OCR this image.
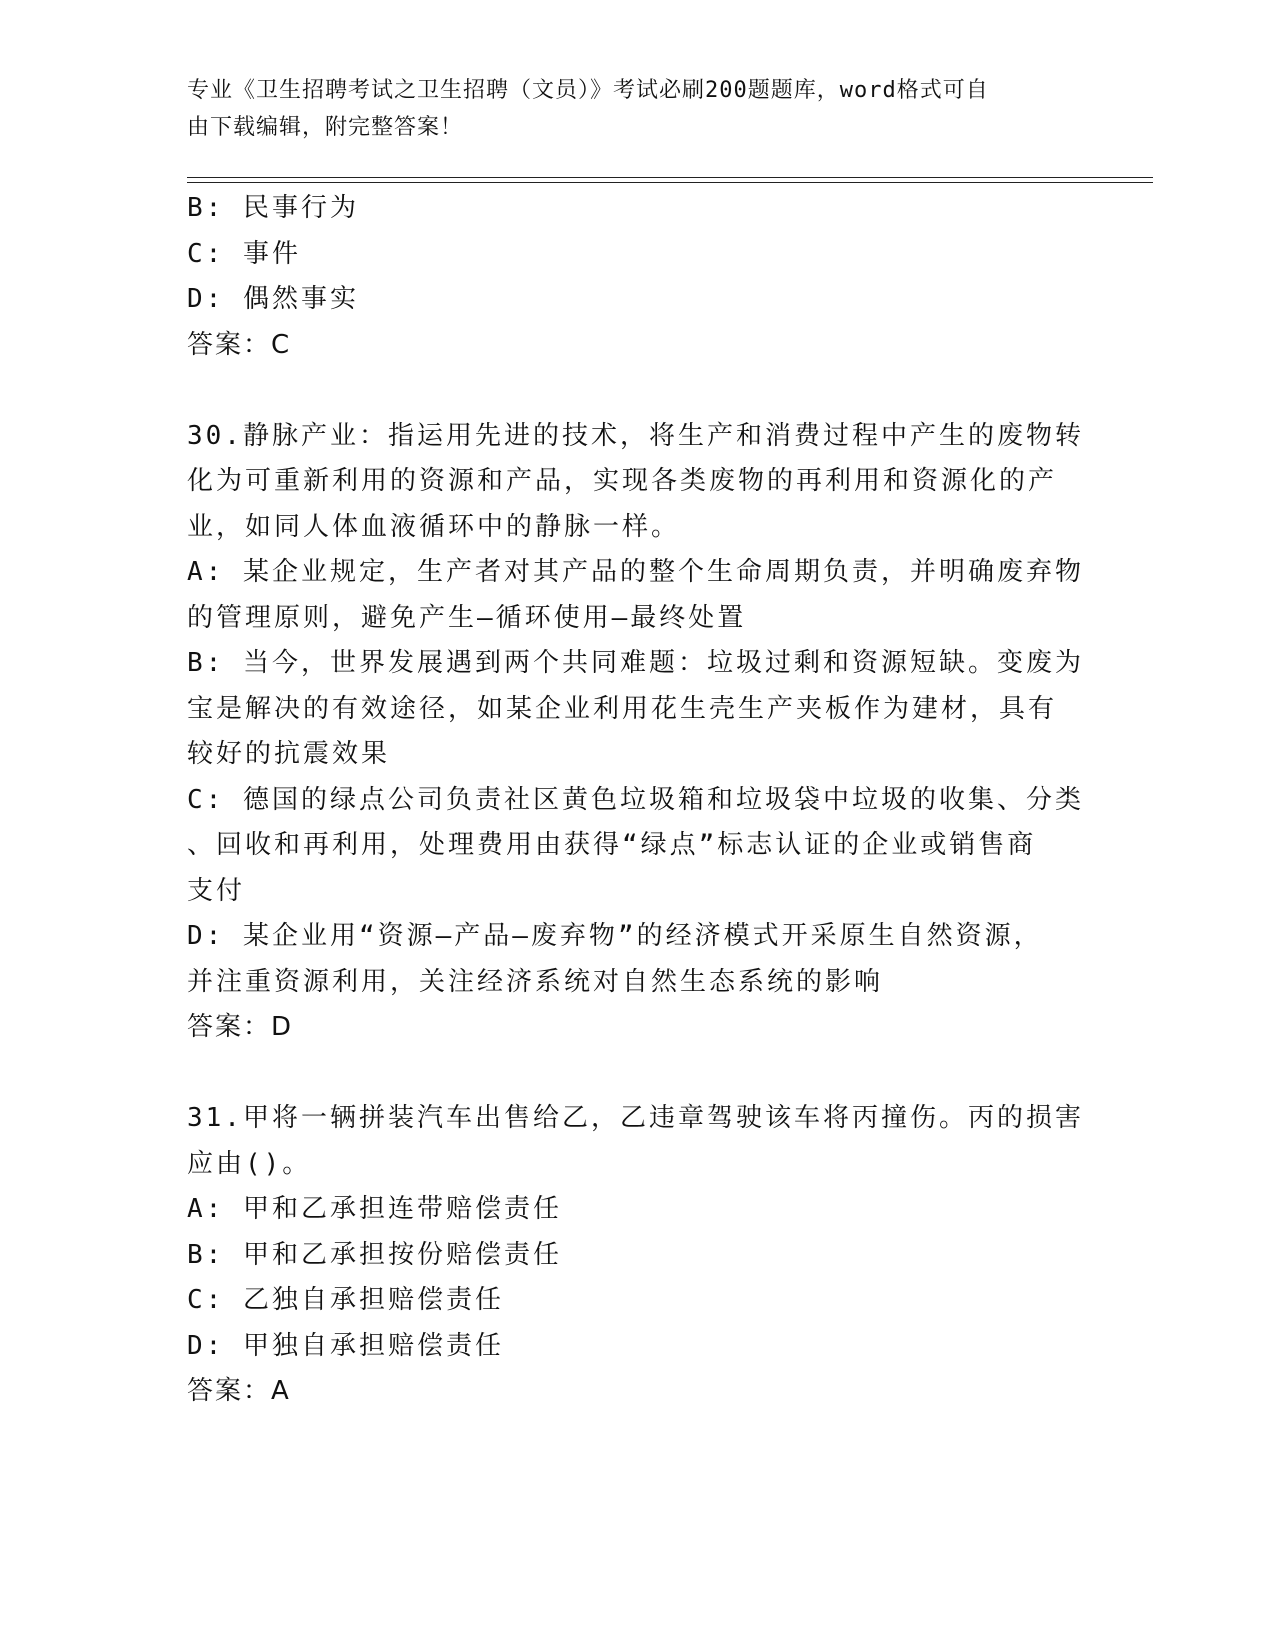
专业《卫生招聘考试之卫生招聘（文员）》考试必刷200题题库，word格式可自
由下载编辑，附完整答案！
B: 民事行为
C: 事件
D: 偶然事实
答案：C
30.静脉产业：指运用先进的技术，将生产和消费过程中产生的废物转
化为可重新利用的资源和产品，实现各类废物的再利用和资源化的产
业，如同人体血液循环中的静脉一样。
A: 某企业规定，生产者对其产品的整个生命周期负责，并明确废弃物
的管理原则，避免产生—循环使用—最终处置
B: 当今，世界发展遇到两个共同难题：垃圾过剩和资源短缺。变废为
宝是解决的有效途径，如某企业利用花生壳生产夹板作为建材，具有
较好的抗震效果
C: 德国的绿点公司负责社区黄色垃圾箱和垃圾袋中垃圾的收集、分类
、回收和再利用，处理费用由获得“绿点”标志认证的企业或销售商
支付
D: 某企业用“资源—产品—废弃物”的经济模式开采原生自然资源，
并注重资源利用，关注经济系统对自然生态系统的影响
答案：D
31.甲将一辆拼装汽车出售给乙，乙违章驾驶该车将丙撞伤。丙的损害
应由()。
A: 甲和乙承担连带赔偿责任
B: 甲和乙承担按份赔偿责任
C: 乙独自承担赔偿责任
D: 甲独自承担赔偿责任
答案：A
